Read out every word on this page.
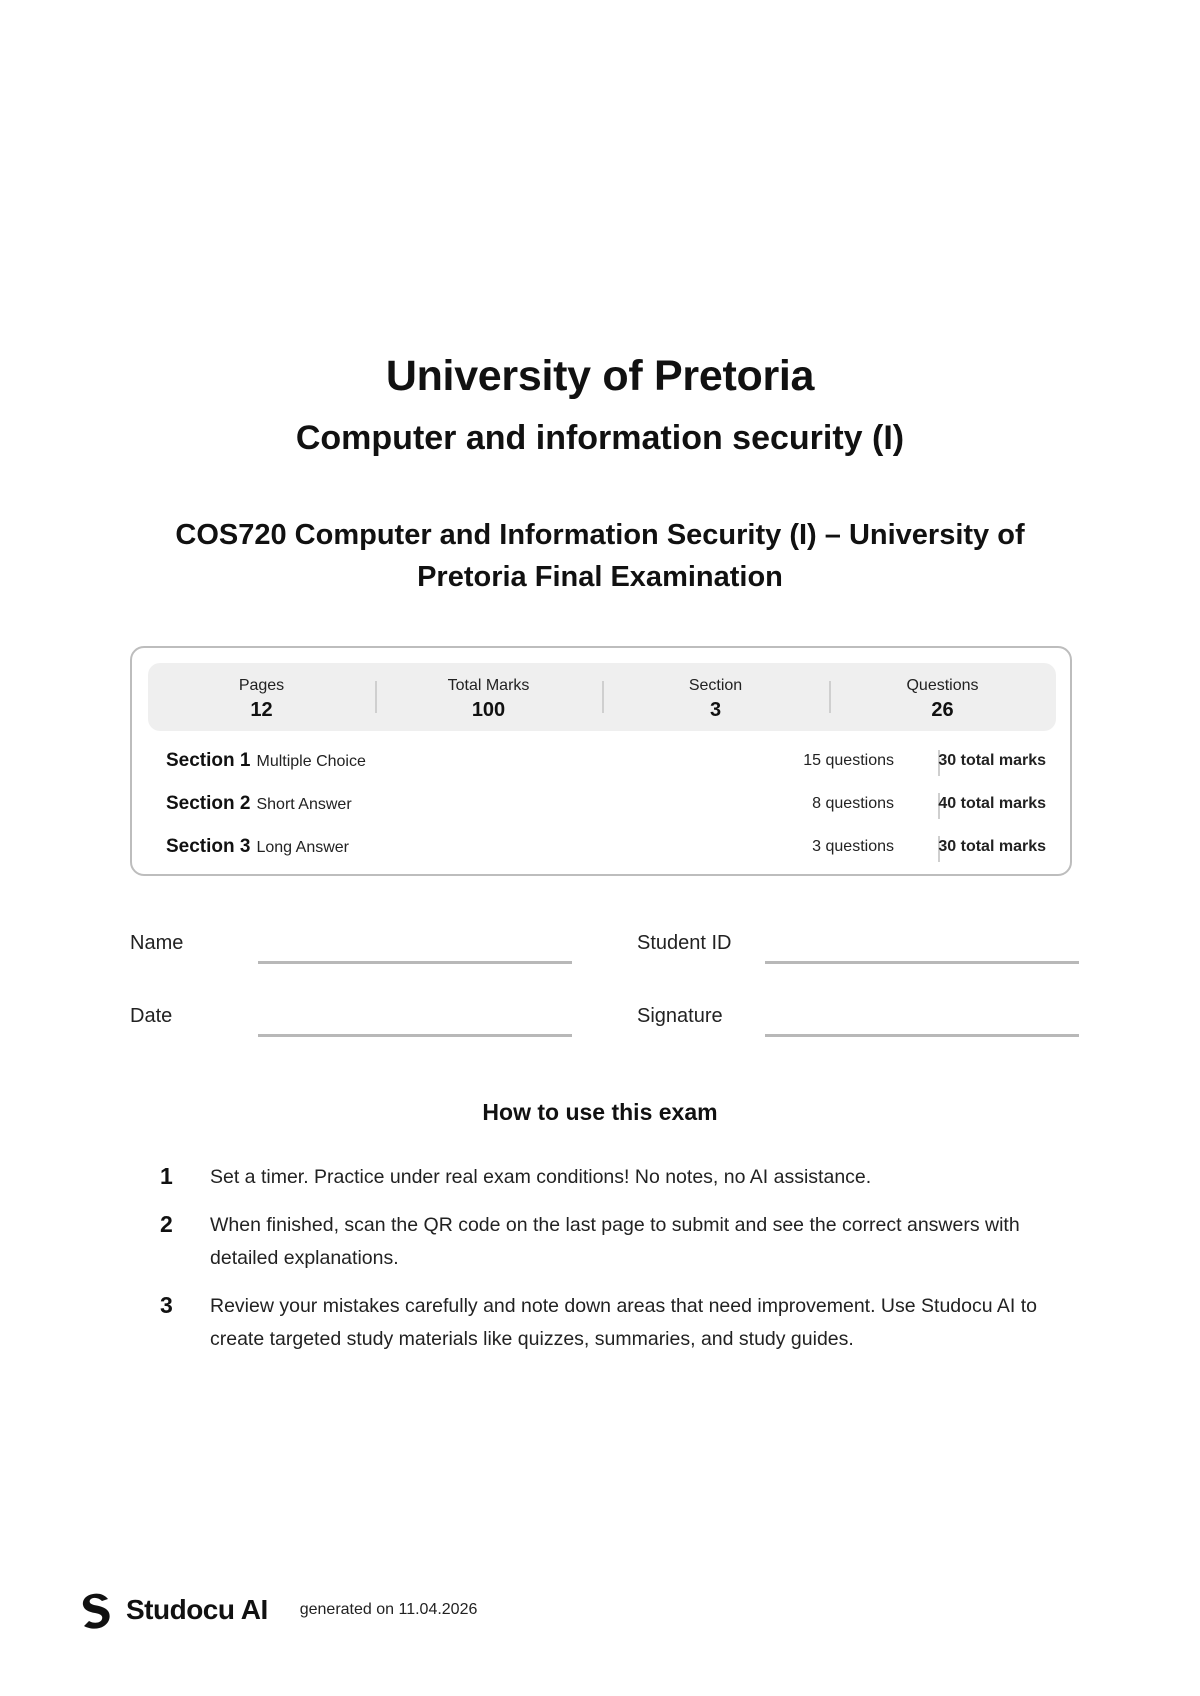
University of Pretoria
Computer and information security (I)
COS720 Computer and Information Security (I) – University of Pretoria Final Examination
Pages
12
Total Marks
100
Section
3
Questions
26
Section 1 Multiple Choice	15 questions	30 total marks
Section 2 Short Answer	8 questions	40 total marks
Section 3 Long Answer	3 questions	30 total marks
Name	Student ID
Date	Signature
How to use this exam
1 Set a timer. Practice under real exam conditions! No notes, no AI assistance.
2 When finished, scan the QR code on the last page to submit and see the correct answers with detailed explanations.
3 Review your mistakes carefully and note down areas that need improvement. Use Studocu AI to create targeted study materials like quizzes, summaries, and study guides.
Studocu AI generated on 11.04.2026
